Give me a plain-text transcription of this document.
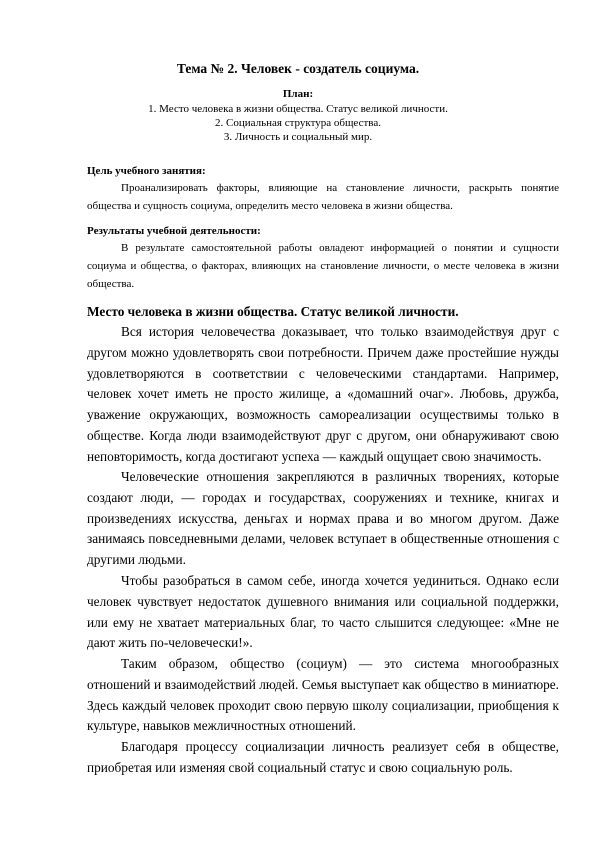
Тема № 2. Человек - создатель социума.
План:
1. Место человека в жизни общества. Статус великой личности.
2. Социальная структура общества.
3. Личность и социальный мир.
Цель учебного занятия:
Проанализировать факторы, влияющие на становление личности, раскрыть понятие общества и сущность социума, определить место человека в жизни общества.
Результаты учебной деятельности:
В результате самостоятельной работы овладеют информацией о понятии и сущности социума и общества, о факторах, влияющих на становление личности, о месте человека в жизни общества.
Место человека в жизни общества. Статус великой личности.
Вся история человечества доказывает, что только взаимодействуя друг с другом можно удовлетворять свои потребности. Причем даже простейшие нужды удовлетворяются в соответствии с человеческими стандартами. Например, человек хочет иметь не просто жилище, а «домашний очаг». Любовь, дружба, уважение окружающих, возможность самореализации осуществимы только в обществе. Когда люди взаимодействуют друг с другом, они обнаруживают свою неповторимость, когда достигают успеха — каждый ощущает свою значимость.
Человеческие отношения закрепляются в различных творениях, которые создают люди, — городах и государствах, сооружениях и технике, книгах и произведениях искусства, деньгах и нормах права и во многом другом. Даже занимаясь повседневными делами, человек вступает в общественные отношения с другими людьми.
Чтобы разобраться в самом себе, иногда хочется уединиться. Однако если человек чувствует недостаток душевного внимания или социальной поддержки, или ему не хватает материальных благ, то часто слышится следующее: «Мне не дают жить по-человечески!».
Таким образом, общество (социум) — это система многообразных отношений и взаимодействий людей. Семья выступает как общество в миниатюре. Здесь каждый человек проходит свою первую школу социализации, приобщения к культуре, навыков межличностных отношений.
Благодаря процессу социализации личность реализует себя в обществе, приобретая или изменяя свой социальный статус и свою социальную роль.
